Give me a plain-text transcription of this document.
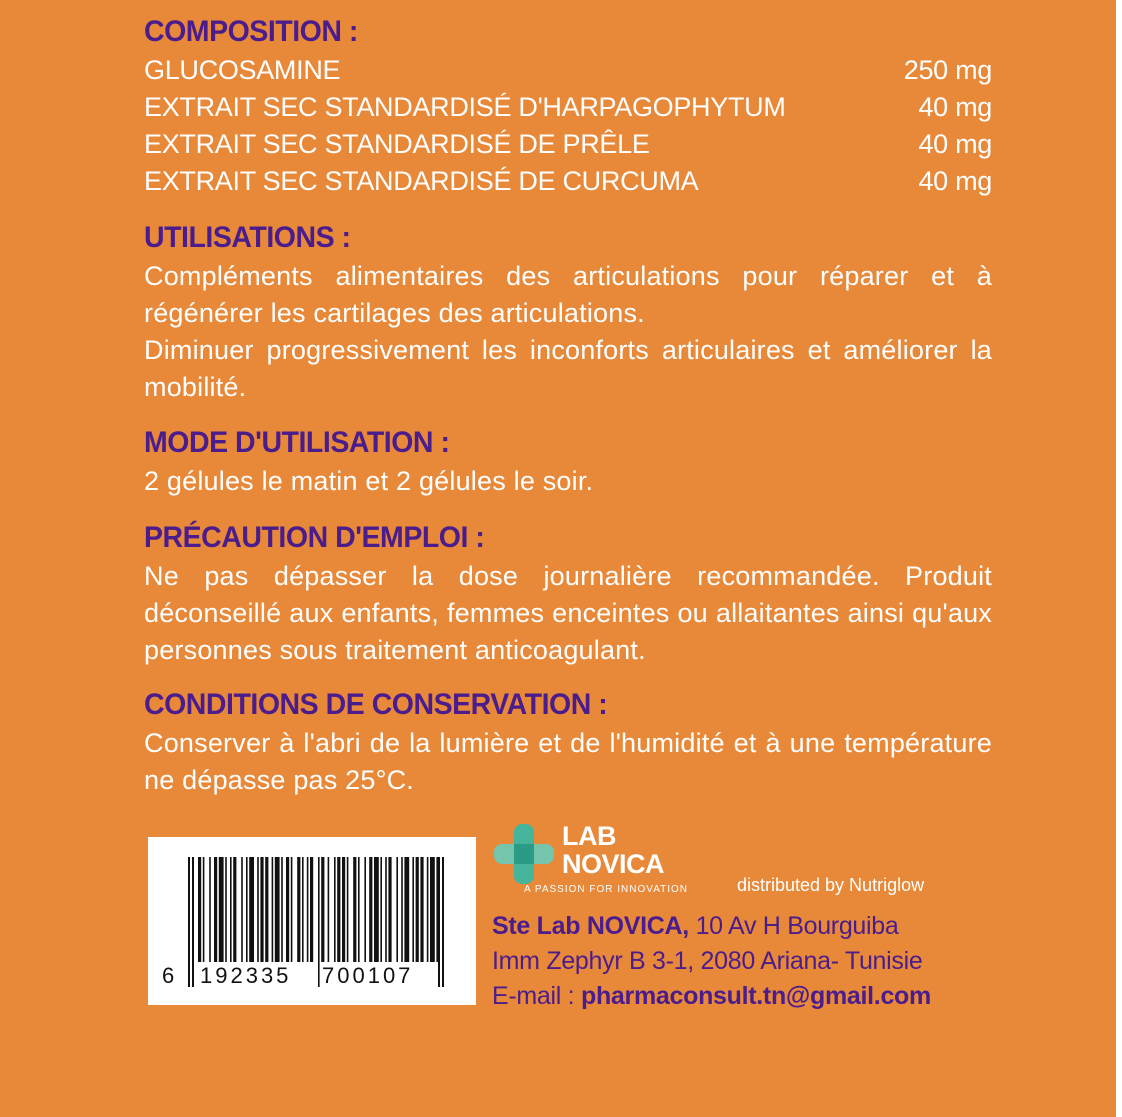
COMPOSITION :

GLUCOSAMINE	250 mg
EXTRAIT SEC STANDARDISÉ D'HARPAGOPHYTUM	40 mg
EXTRAIT SEC STANDARDISÉ DE PRÊLE	40 mg
EXTRAIT SEC STANDARDISÉ DE CURCUMA	40 mg

UTILISATIONS :

Compléments alimentaires des articulations pour réparer et à régénérer les cartilages des articulations.

Diminuer progressivement les inconforts articulaires et améliorer la mobilité.

MODE D'UTILISATION :

2 gélules le matin et 2 gélules le soir.

PRÉCAUTION D'EMPLOI :

Ne pas dépasser la dose journalière recommandée. Produit déconseillé aux enfants, femmes enceintes ou allaitantes ainsi qu'aux personnes sous traitement anticoagulant.

CONDITIONS DE CONSERVATION :

Conserver à l'abri de la lumière et de l'humidité et à une température ne dépasse pas 25°C.

6 192335 700107
LAB
NOVICA
A PASSION FOR INNOVATION	distributed by Nutriglow
Ste Lab NOVICA, 10 Av H Bourguiba
Imm Zephyr B 3-1, 2080 Ariana- Tunisie
E-mail : pharmaconsult.tn@gmail.com
